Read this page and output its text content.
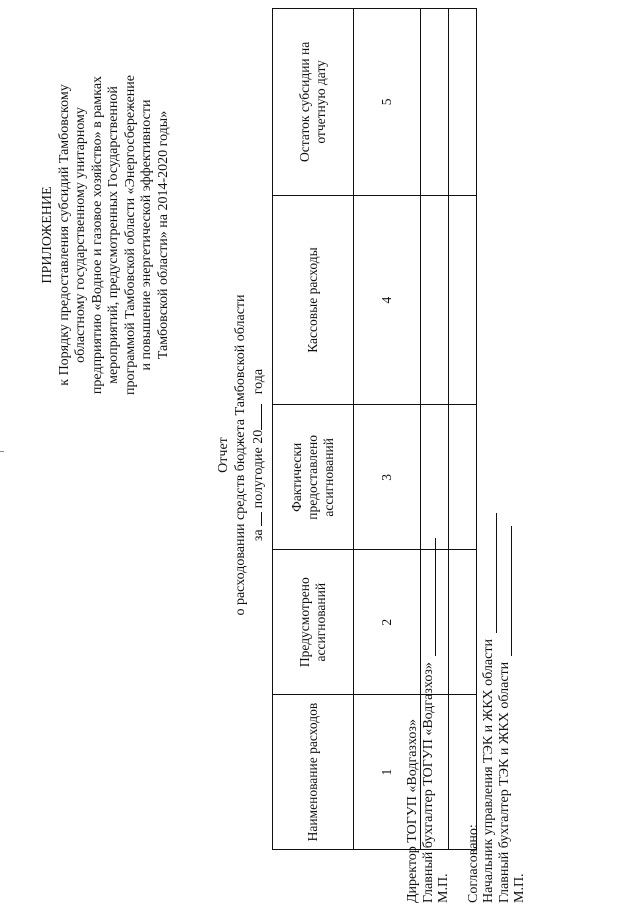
ПРИЛОЖЕНИЕ к Порядку предоставления субсидий Тамбовскому областному государственному унитарному предприятию «Водное и газовое хозяйство» в рамках мероприятий, предусмотренных Государственной программой Тамбовской области «Энергосбережение и повышение энергетической эффективности Тамбовской области» на 2014-2020 годы»
Отчет о расходовании средств бюджета Тамбовской области за  полугодие 20 года
Наименование расходов	Предусмотрено ассигнований	Фактически предоставлено ассигнований	Кассовые расходы	Остаток субсидии на отчетную дату
1	2	3	4	5

Директор ТОГУП «Водгазхоз» Главный бухгалтер ТОГУП «Водгазхоз» М.П. Согласовано: Начальник управления ТЭК и ЖКХ области Главный бухгалтер ТЭК и ЖКХ области М.П.
